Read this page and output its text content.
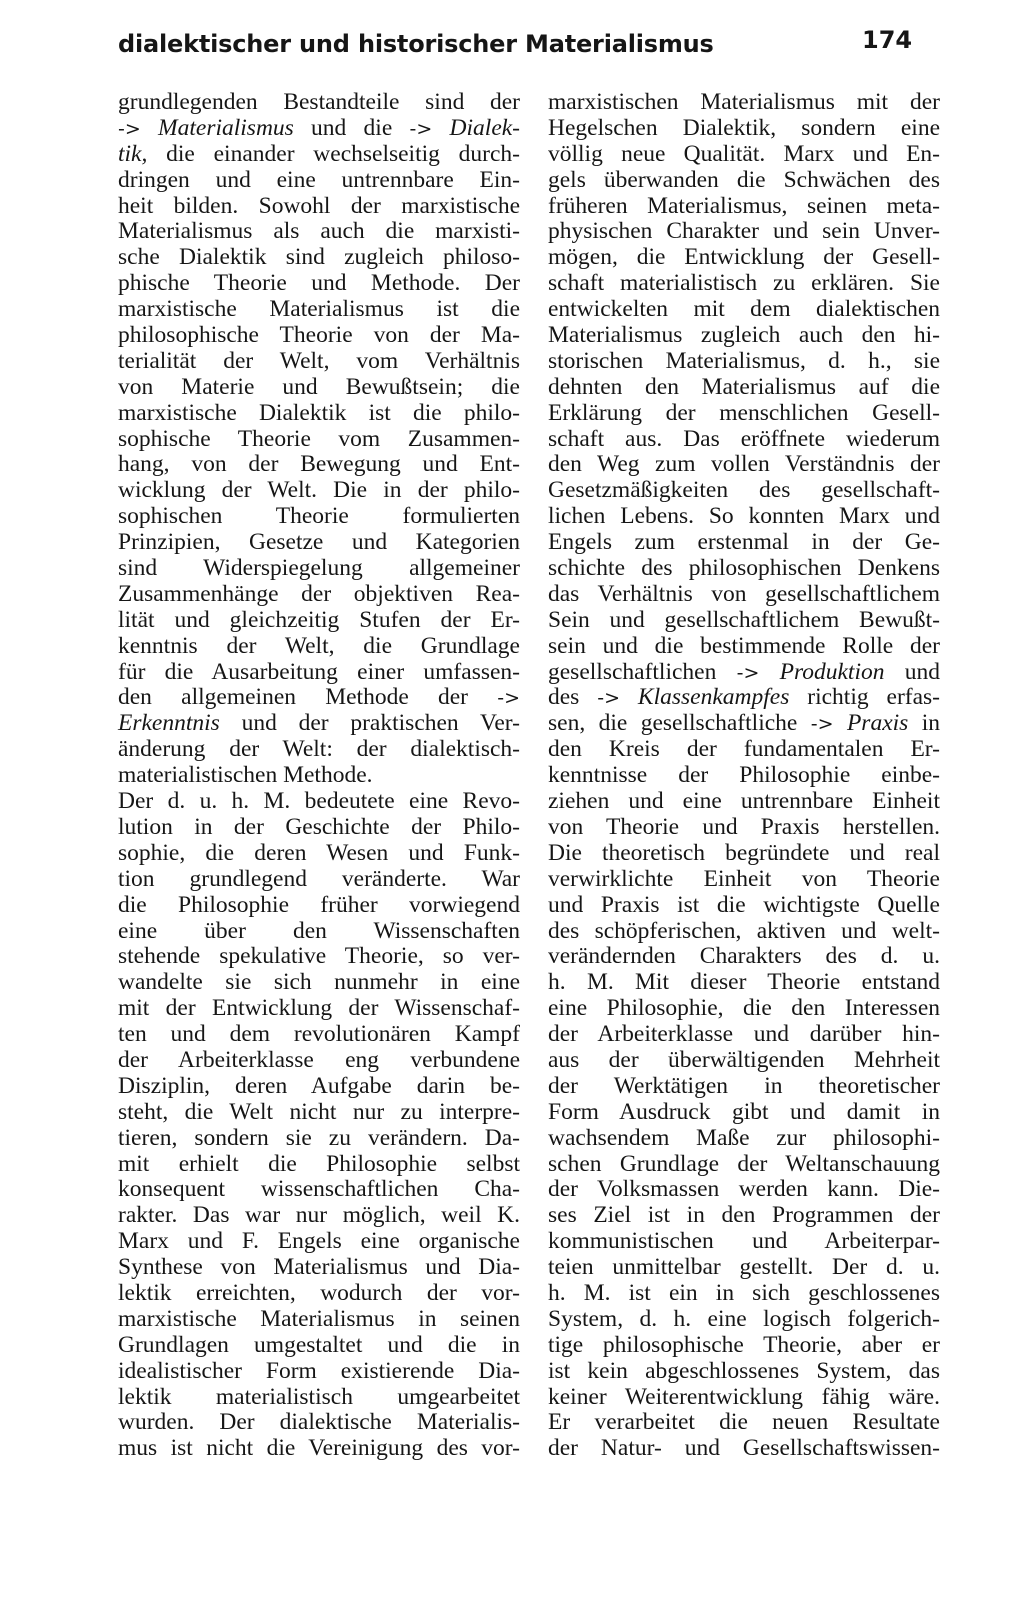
dialektischer und historischer Materialismus	174
grundlegenden Bestandteile sind der
-> Materialismus und die -> Dialek-
tik, die einander wechselseitig durch-
dringen und eine untrennbare Ein-
heit bilden. Sowohl der marxistische
Materialismus als auch die marxisti-
sche Dialektik sind zugleich philoso-
phische Theorie und Methode. Der
marxistische Materialismus ist die
philosophische Theorie von der Ma-
terialität der Welt, vom Verhältnis
von Materie und Bewußtsein; die
marxistische Dialektik ist die philo-
sophische Theorie vom Zusammen-
hang, von der Bewegung und Ent-
wicklung der Welt. Die in der philo-
sophischen Theorie formulierten
Prinzipien, Gesetze und Kategorien
sind Widerspiegelung allgemeiner
Zusammenhänge der objektiven Rea-
lität und gleichzeitig Stufen der Er-
kenntnis der Welt, die Grundlage
für die Ausarbeitung einer umfassen-
den allgemeinen Methode der ->
Erkenntnis und der praktischen Ver-
änderung der Welt: der dialektisch-
materialistischen Methode.
Der d. u. h. M. bedeutete eine Revo-
lution in der Geschichte der Philo-
sophie, die deren Wesen und Funk-
tion grundlegend veränderte. War
die Philosophie früher vorwiegend
eine über den Wissenschaften
stehende spekulative Theorie, so ver-
wandelte sie sich nunmehr in eine
mit der Entwicklung der Wissenschaf-
ten und dem revolutionären Kampf
der Arbeiterklasse eng verbundene
Disziplin, deren Aufgabe darin be-
steht, die Welt nicht nur zu interpre-
tieren, sondern sie zu verändern. Da-
mit erhielt die Philosophie selbst
konsequent wissenschaftlichen Cha-
rakter. Das war nur möglich, weil K.
Marx und F. Engels eine organische
Synthese von Materialismus und Dia-
lektik erreichten, wodurch der vor-
marxistische Materialismus in seinen
Grundlagen umgestaltet und die in
idealistischer Form existierende Dia-
lektik materialistisch umgearbeitet
wurden. Der dialektische Materialis-
mus ist nicht die Vereinigung des vor-
marxistischen Materialismus mit der
Hegelschen Dialektik, sondern eine
völlig neue Qualität. Marx und En-
gels überwanden die Schwächen des
früheren Materialismus, seinen meta-
physischen Charakter und sein Unver-
mögen, die Entwicklung der Gesell-
schaft materialistisch zu erklären. Sie
entwickelten mit dem dialektischen
Materialismus zugleich auch den hi-
storischen Materialismus, d. h., sie
dehnten den Materialismus auf die
Erklärung der menschlichen Gesell-
schaft aus. Das eröffnete wiederum
den Weg zum vollen Verständnis der
Gesetzmäßigkeiten des gesellschaft-
lichen Lebens. So konnten Marx und
Engels zum erstenmal in der Ge-
schichte des philosophischen Denkens
das Verhältnis von gesellschaftlichem
Sein und gesellschaftlichem Bewußt-
sein und die bestimmende Rolle der
gesellschaftlichen -> Produktion und
des -> Klassenkampfes richtig erfas-
sen, die gesellschaftliche -> Praxis in
den Kreis der fundamentalen Er-
kenntnisse der Philosophie einbe-
ziehen und eine untrennbare Einheit
von Theorie und Praxis herstellen.
Die theoretisch begründete und real
verwirklichte Einheit von Theorie
und Praxis ist die wichtigste Quelle
des schöpferischen, aktiven und welt-
verändernden Charakters des d. u.
h. M. Mit dieser Theorie entstand
eine Philosophie, die den Interessen
der Arbeiterklasse und darüber hin-
aus der überwältigenden Mehrheit
der Werktätigen in theoretischer
Form Ausdruck gibt und damit in
wachsendem Maße zur philosophi-
schen Grundlage der Weltanschauung
der Volksmassen werden kann. Die-
ses Ziel ist in den Programmen der
kommunistischen und Arbeiterpar-
teien unmittelbar gestellt. Der d. u.
h. M. ist ein in sich geschlossenes
System, d. h. eine logisch folgerich-
tige philosophische Theorie, aber er
ist kein abgeschlossenes System, das
keiner Weiterentwicklung fähig wäre.
Er verarbeitet die neuen Resultate
der Natur- und Gesellschaftswissen-
